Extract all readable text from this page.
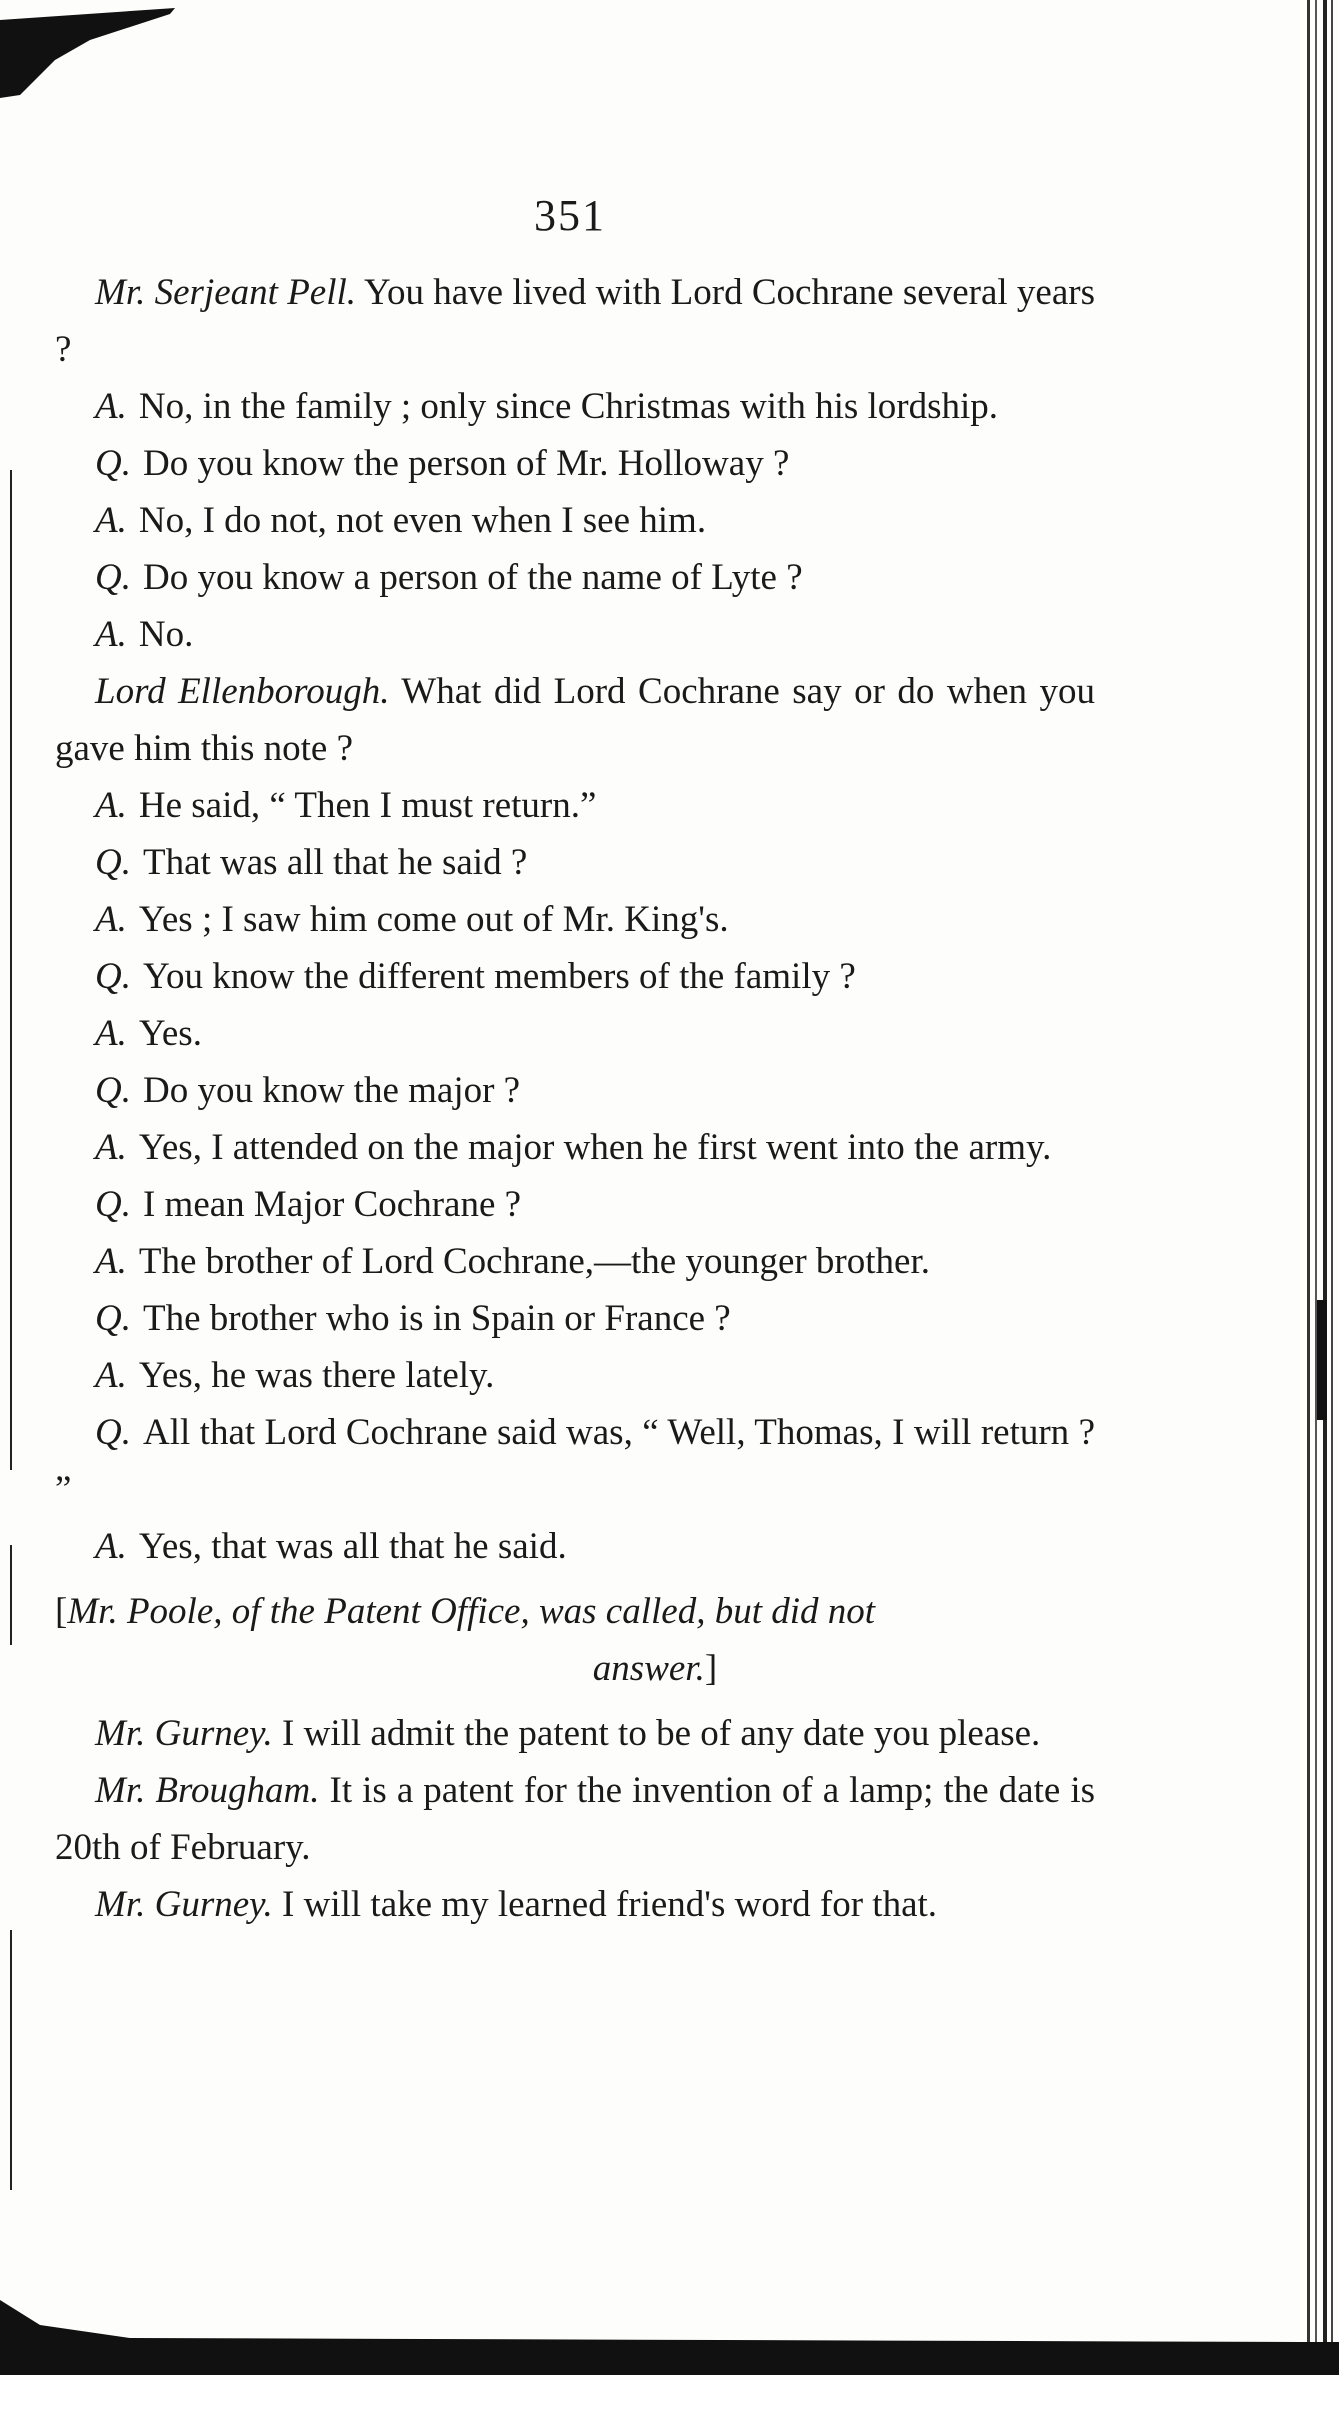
351

Mr. Serjeant Pell. You have lived with Lord Cochrane several years ?

A. No, in the family ; only since Christmas with his lordship.

Q. Do you know the person of Mr. Holloway ?

A. No, I do not, not even when I see him.

Q. Do you know a person of the name of Lyte ?

A. No.

Lord Ellenborough. What did Lord Cochrane say or do when you gave him this note ?

A. He said, “ Then I must return.”

Q. That was all that he said ?

A. Yes ; I saw him come out of Mr. King's.

Q. You know the different members of the family ?

A. Yes.

Q. Do you know the major ?

A. Yes, I attended on the major when he first went into the army.

Q. I mean Major Cochrane ?

A. The brother of Lord Cochrane,—the younger brother.

Q. The brother who is in Spain or France ?

A. Yes, he was there lately.

Q. All that Lord Cochrane said was, “ Well, Thomas, I will return ? ”

A. Yes, that was all that he said.

[Mr. Poole, of the Patent Office, was called, but did not
answer.]

Mr. Gurney. I will admit the patent to be of any date you please.

Mr. Brougham. It is a patent for the invention of a lamp; the date is 20th of February.

Mr. Gurney. I will take my learned friend's word for that.
